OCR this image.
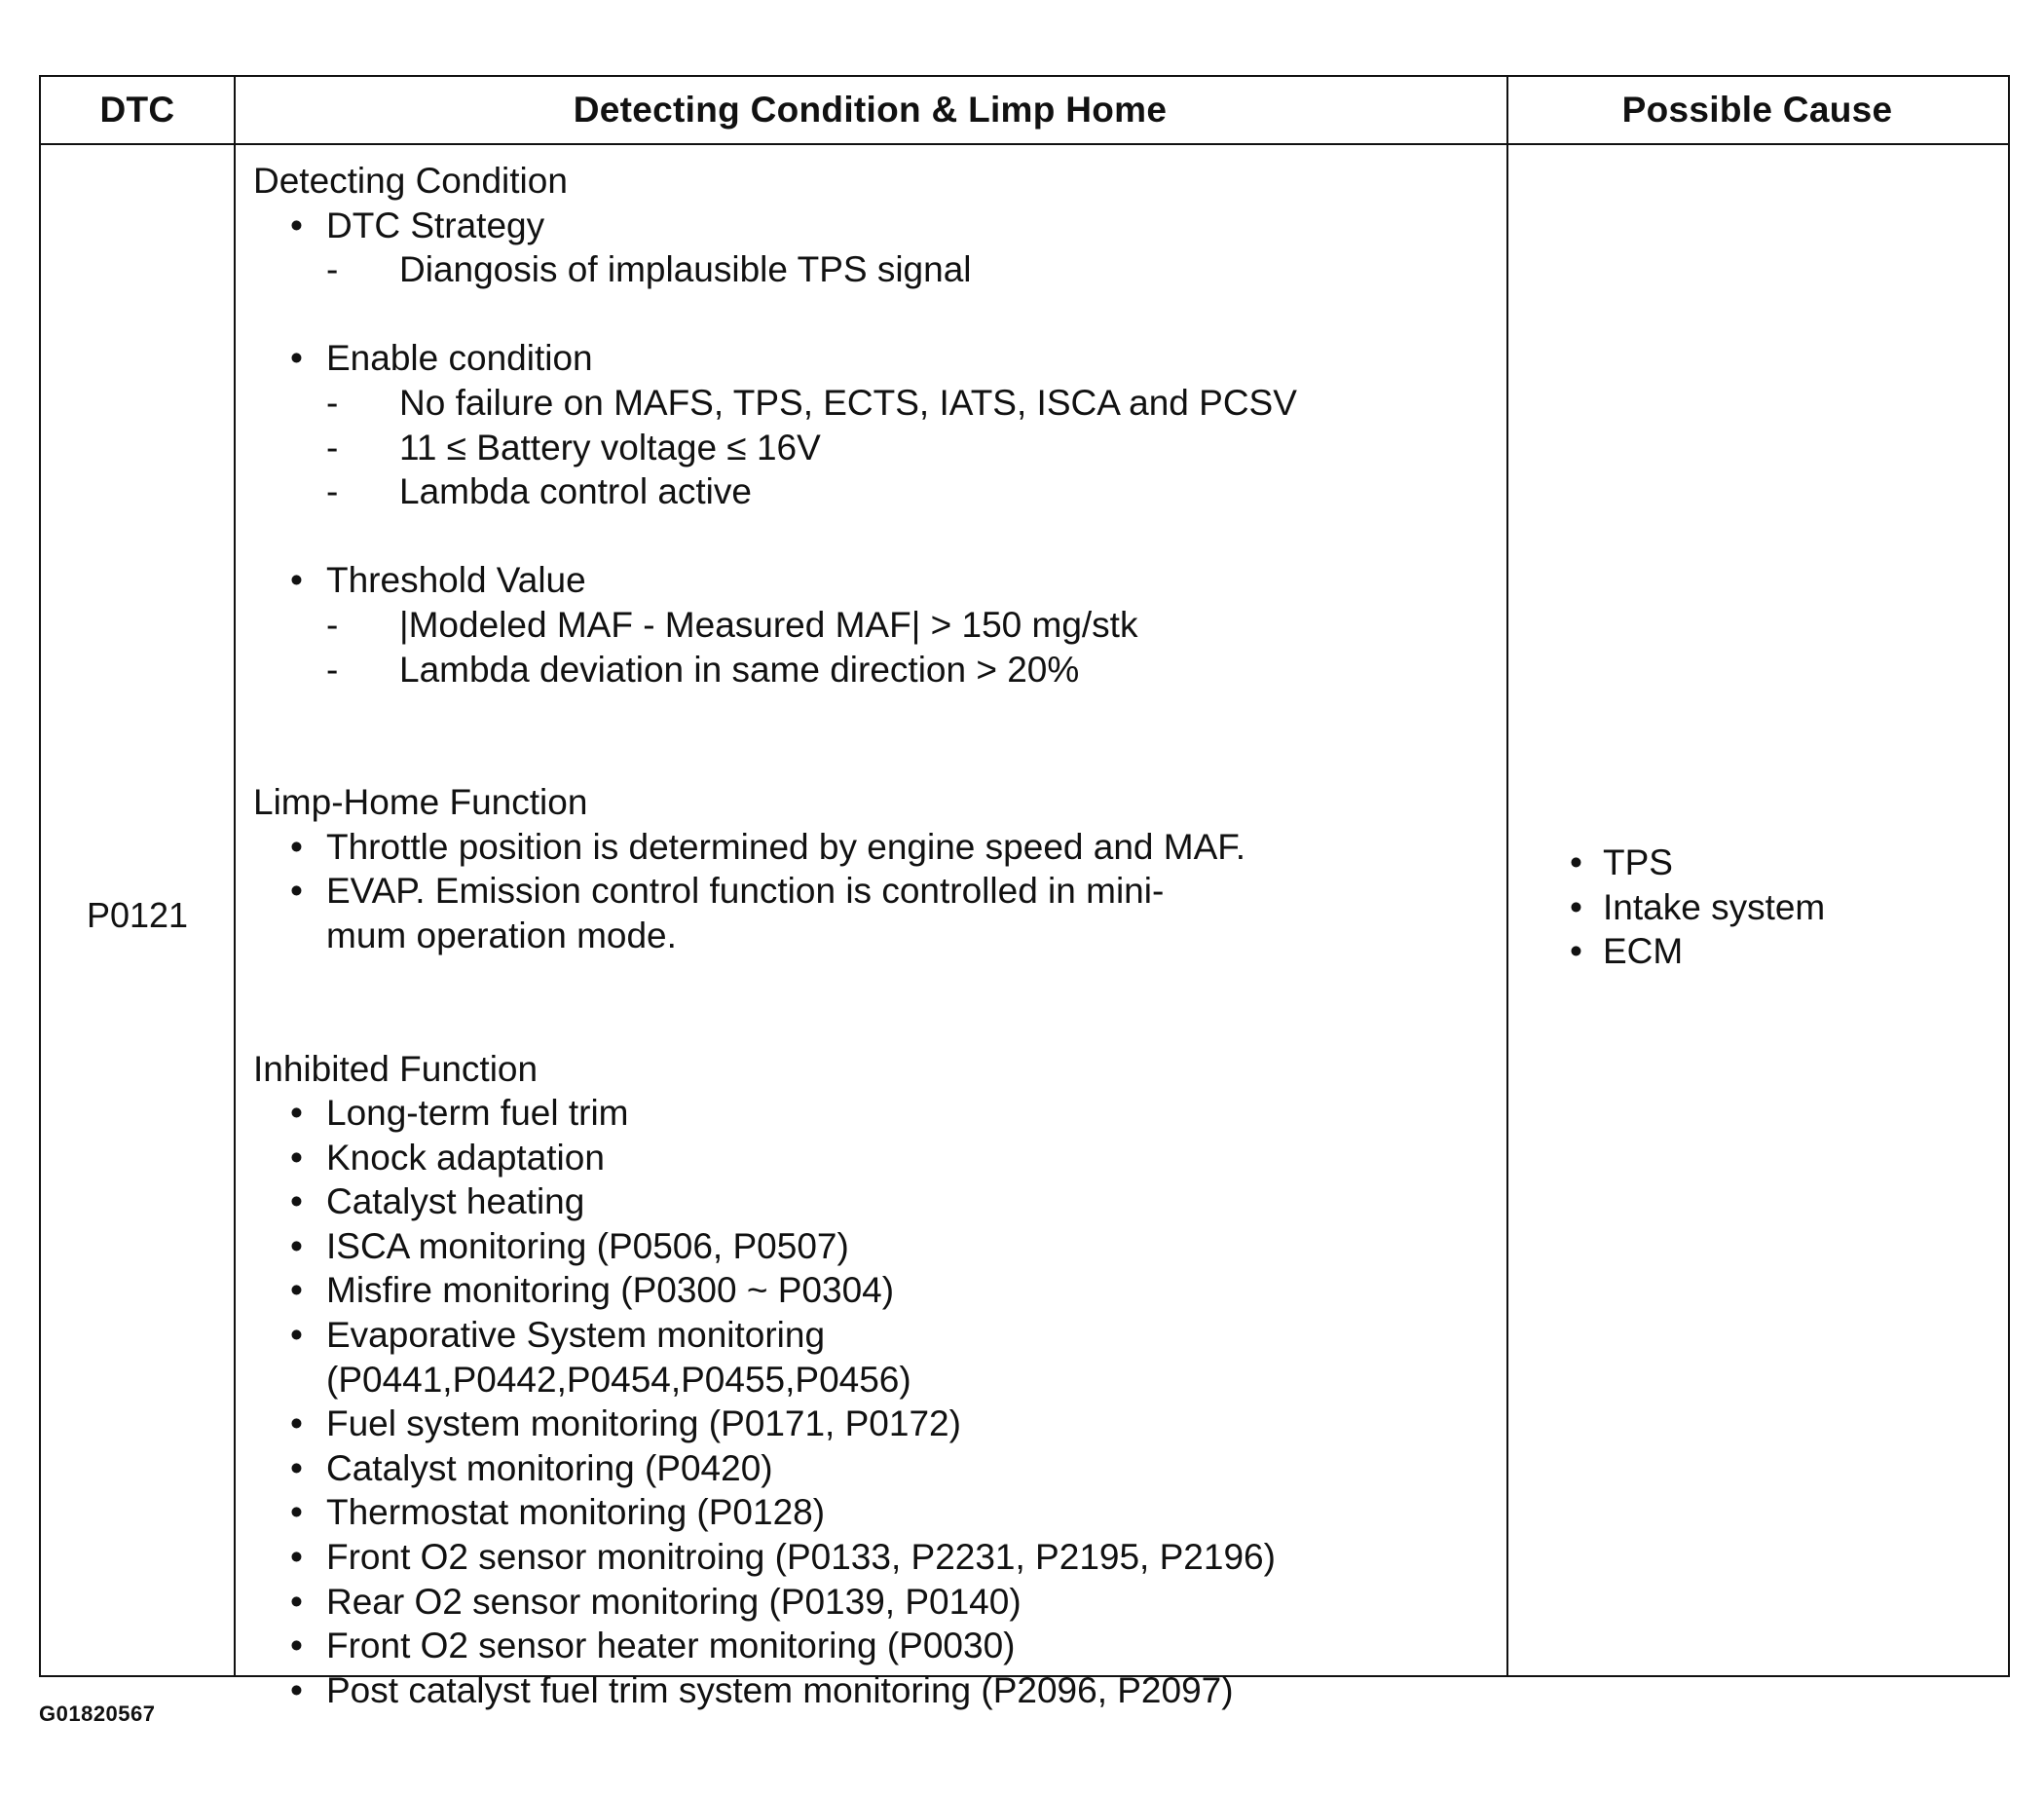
DTC	Detecting Condition & Limp Home	Possible Cause
P0121
Detecting Condition
• DTC Strategy
- Diangosis of implausible TPS signal
• Enable condition
- No failure on MAFS, TPS, ECTS, IATS, ISCA and PCSV
- 11 ≤ Battery voltage ≤ 16V
- Lambda control active
• Threshold Value
- |Modeled MAF - Measured MAF| > 150 mg/stk
- Lambda deviation in same direction > 20%
Limp-Home Function
• Throttle position is determined by engine speed and MAF.
• EVAP. Emission control function is controlled in mini-
mum operation mode.
Inhibited Function
• Long-term fuel trim
• Knock adaptation
• Catalyst heating
• ISCA monitoring (P0506, P0507)
• Misfire monitoring (P0300 ~ P0304)
• Evaporative System monitoring (P0441,P0442,P0454,P0455,P0456)
• Fuel system monitoring (P0171, P0172)
• Catalyst monitoring (P0420)
• Thermostat monitoring (P0128)
• Front O2 sensor monitroing (P0133, P2231, P2195, P2196)
• Rear O2 sensor monitoring (P0139, P0140)
• Front O2 sensor heater monitoring (P0030)
• Post catalyst fuel trim system monitoring (P2096, P2097)
• TPS
• Intake system
• ECM
G01820567
